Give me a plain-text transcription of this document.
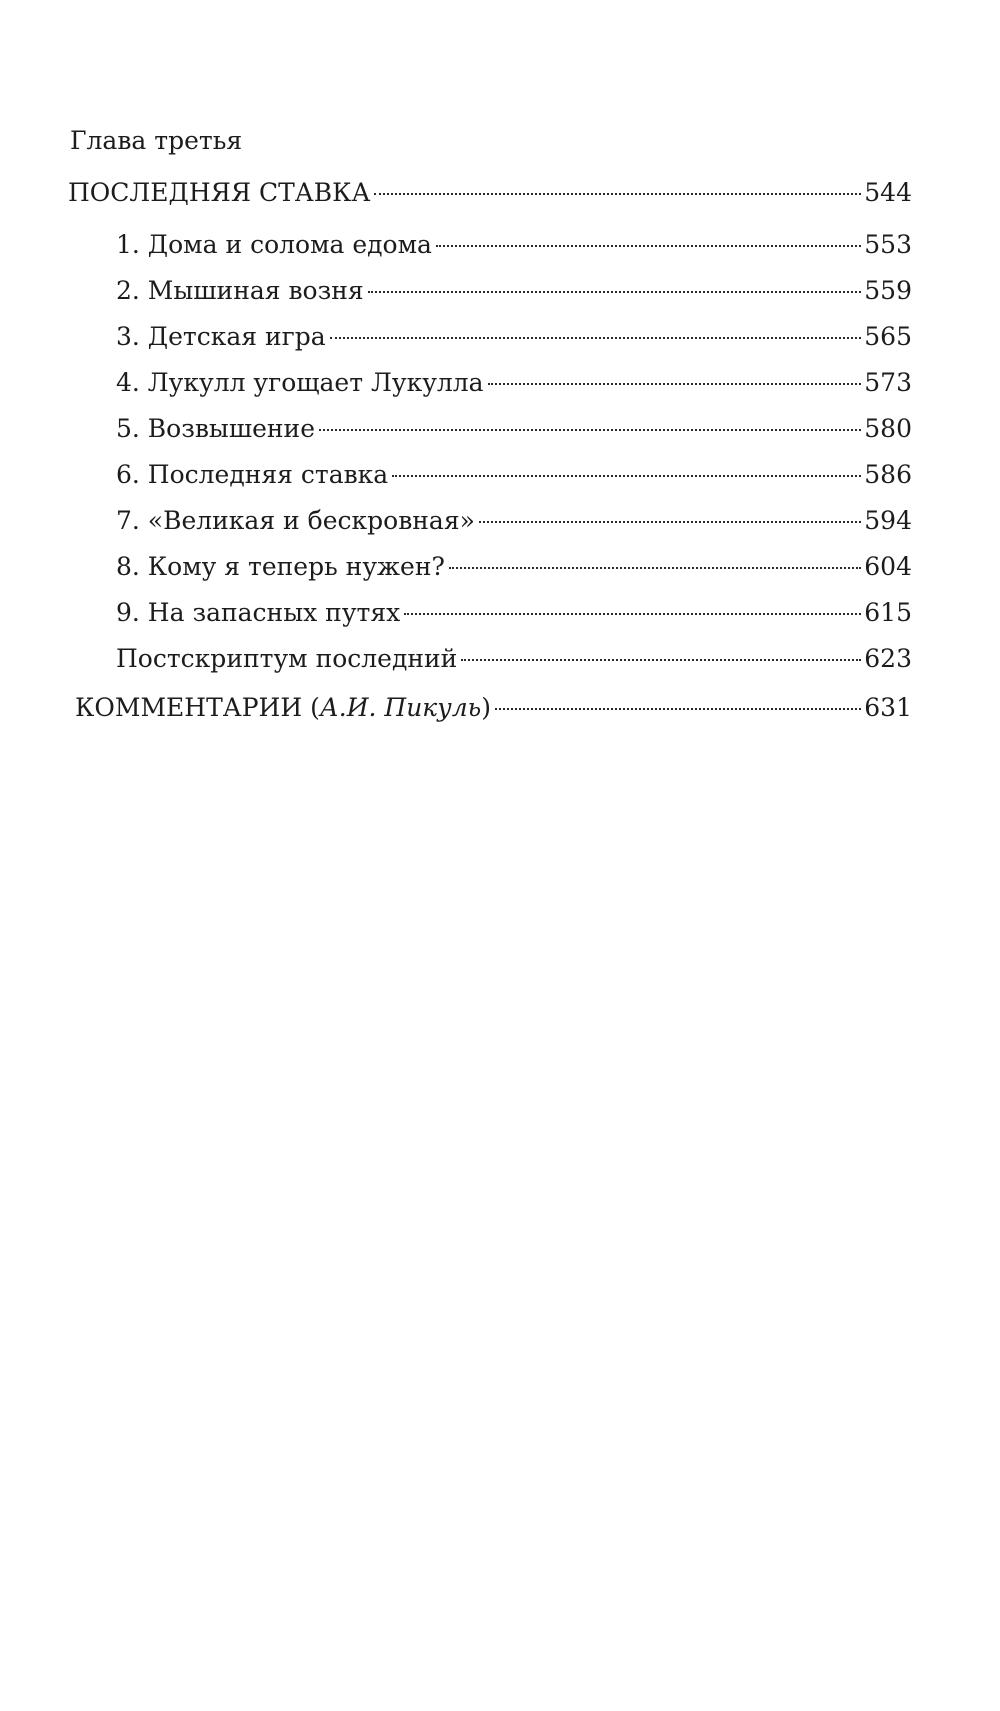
Глава третья
ПОСЛЕДНЯЯ СТАВКА	544
1. Дома и солома едома	553
2. Мышиная возня	559
3. Детская игра	565
4. Лукулл угощает Лукулла	573
5. Возвышение	580
6. Последняя ставка	586
7. «Великая и бескровная»	594
8. Кому я теперь нужен?	604
9. На запасных путях	615
Постскриптум последний	623
КОММЕНТАРИИ (А.И. Пикуль)	631
